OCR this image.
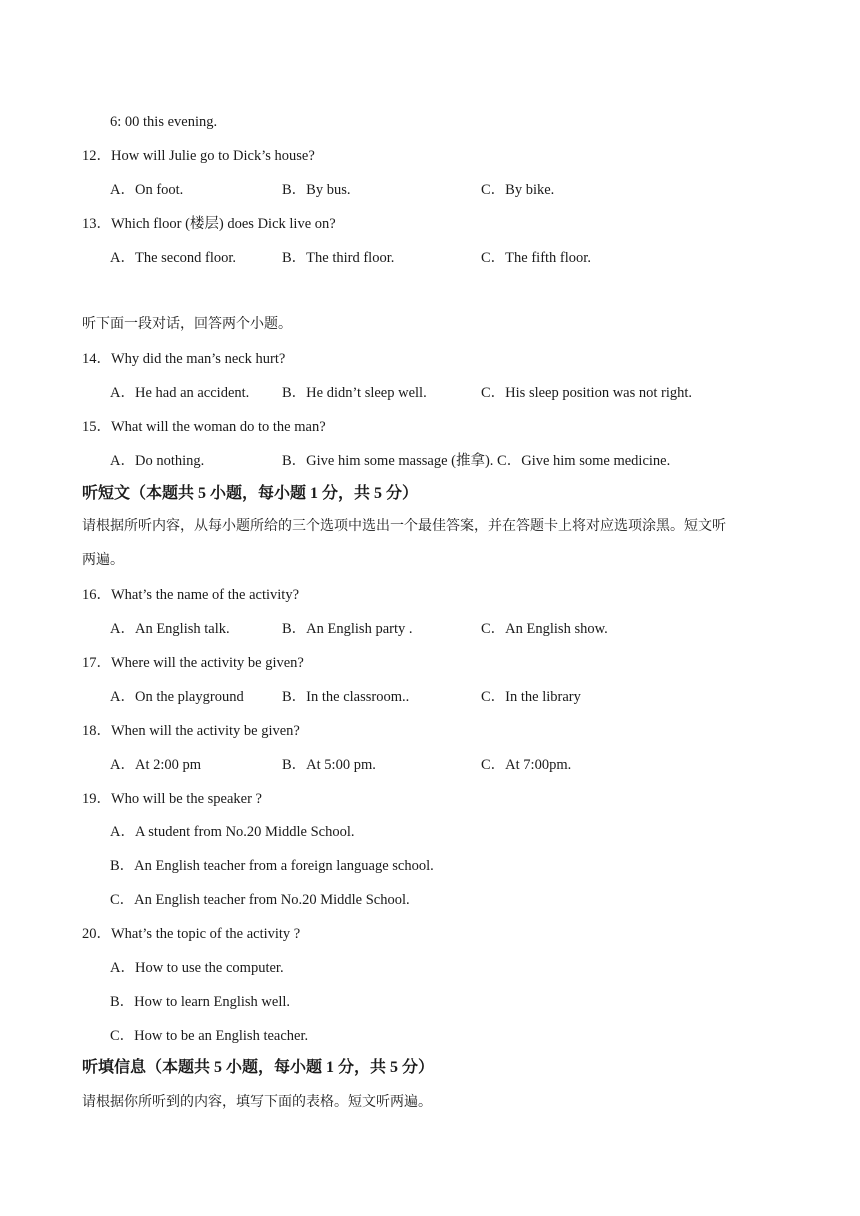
6: 00 this evening.
12．How will Julie go to Dick’s house?
A．On foot.	B．By bus.	C．By bike.
13．Which floor (楼层) does Dick live on?
A．The second floor.	B．The third floor.	C．The fifth floor.
听下面一段对话，回答两个小题。
14．Why did the man’s neck hurt?
A．He had an accident. B．He didn’t sleep well.	C．His sleep position was not right.
15．What will the woman do to the man?
A．Do nothing.	B．Give him some massage (推拿). C．Give him some medicine.
听短文（本题共 5 小题，每小题 1 分，共 5 分）
请根据所听内容，从每小题所给的三个选项中选出一个最佳答案，并在答题卡上将对应选项涂黑。短文听
两遍。
16．What’s the name of the activity?
A．An English talk.	B．An English party .	C．An English show.
17．Where will the activity be given?
A．On the playground	B．In the classroom..	C．In the library
18．When will the activity be given?
A．At 2:00 pm	B．At 5:00 pm.	C．At 7:00pm.
19．Who will be the speaker ?
A．A student from No.20 Middle School.
B．An English teacher from a foreign language school.
C．An English teacher from No.20 Middle School.
20．What’s the topic of the activity ?
A．How to use the computer.
B．How to learn English well.
C．How to be an English teacher.
听填信息（本题共 5 小题，每小题 1 分，共 5 分）
请根据你所听到的内容，填写下面的表格。短文听两遍。
